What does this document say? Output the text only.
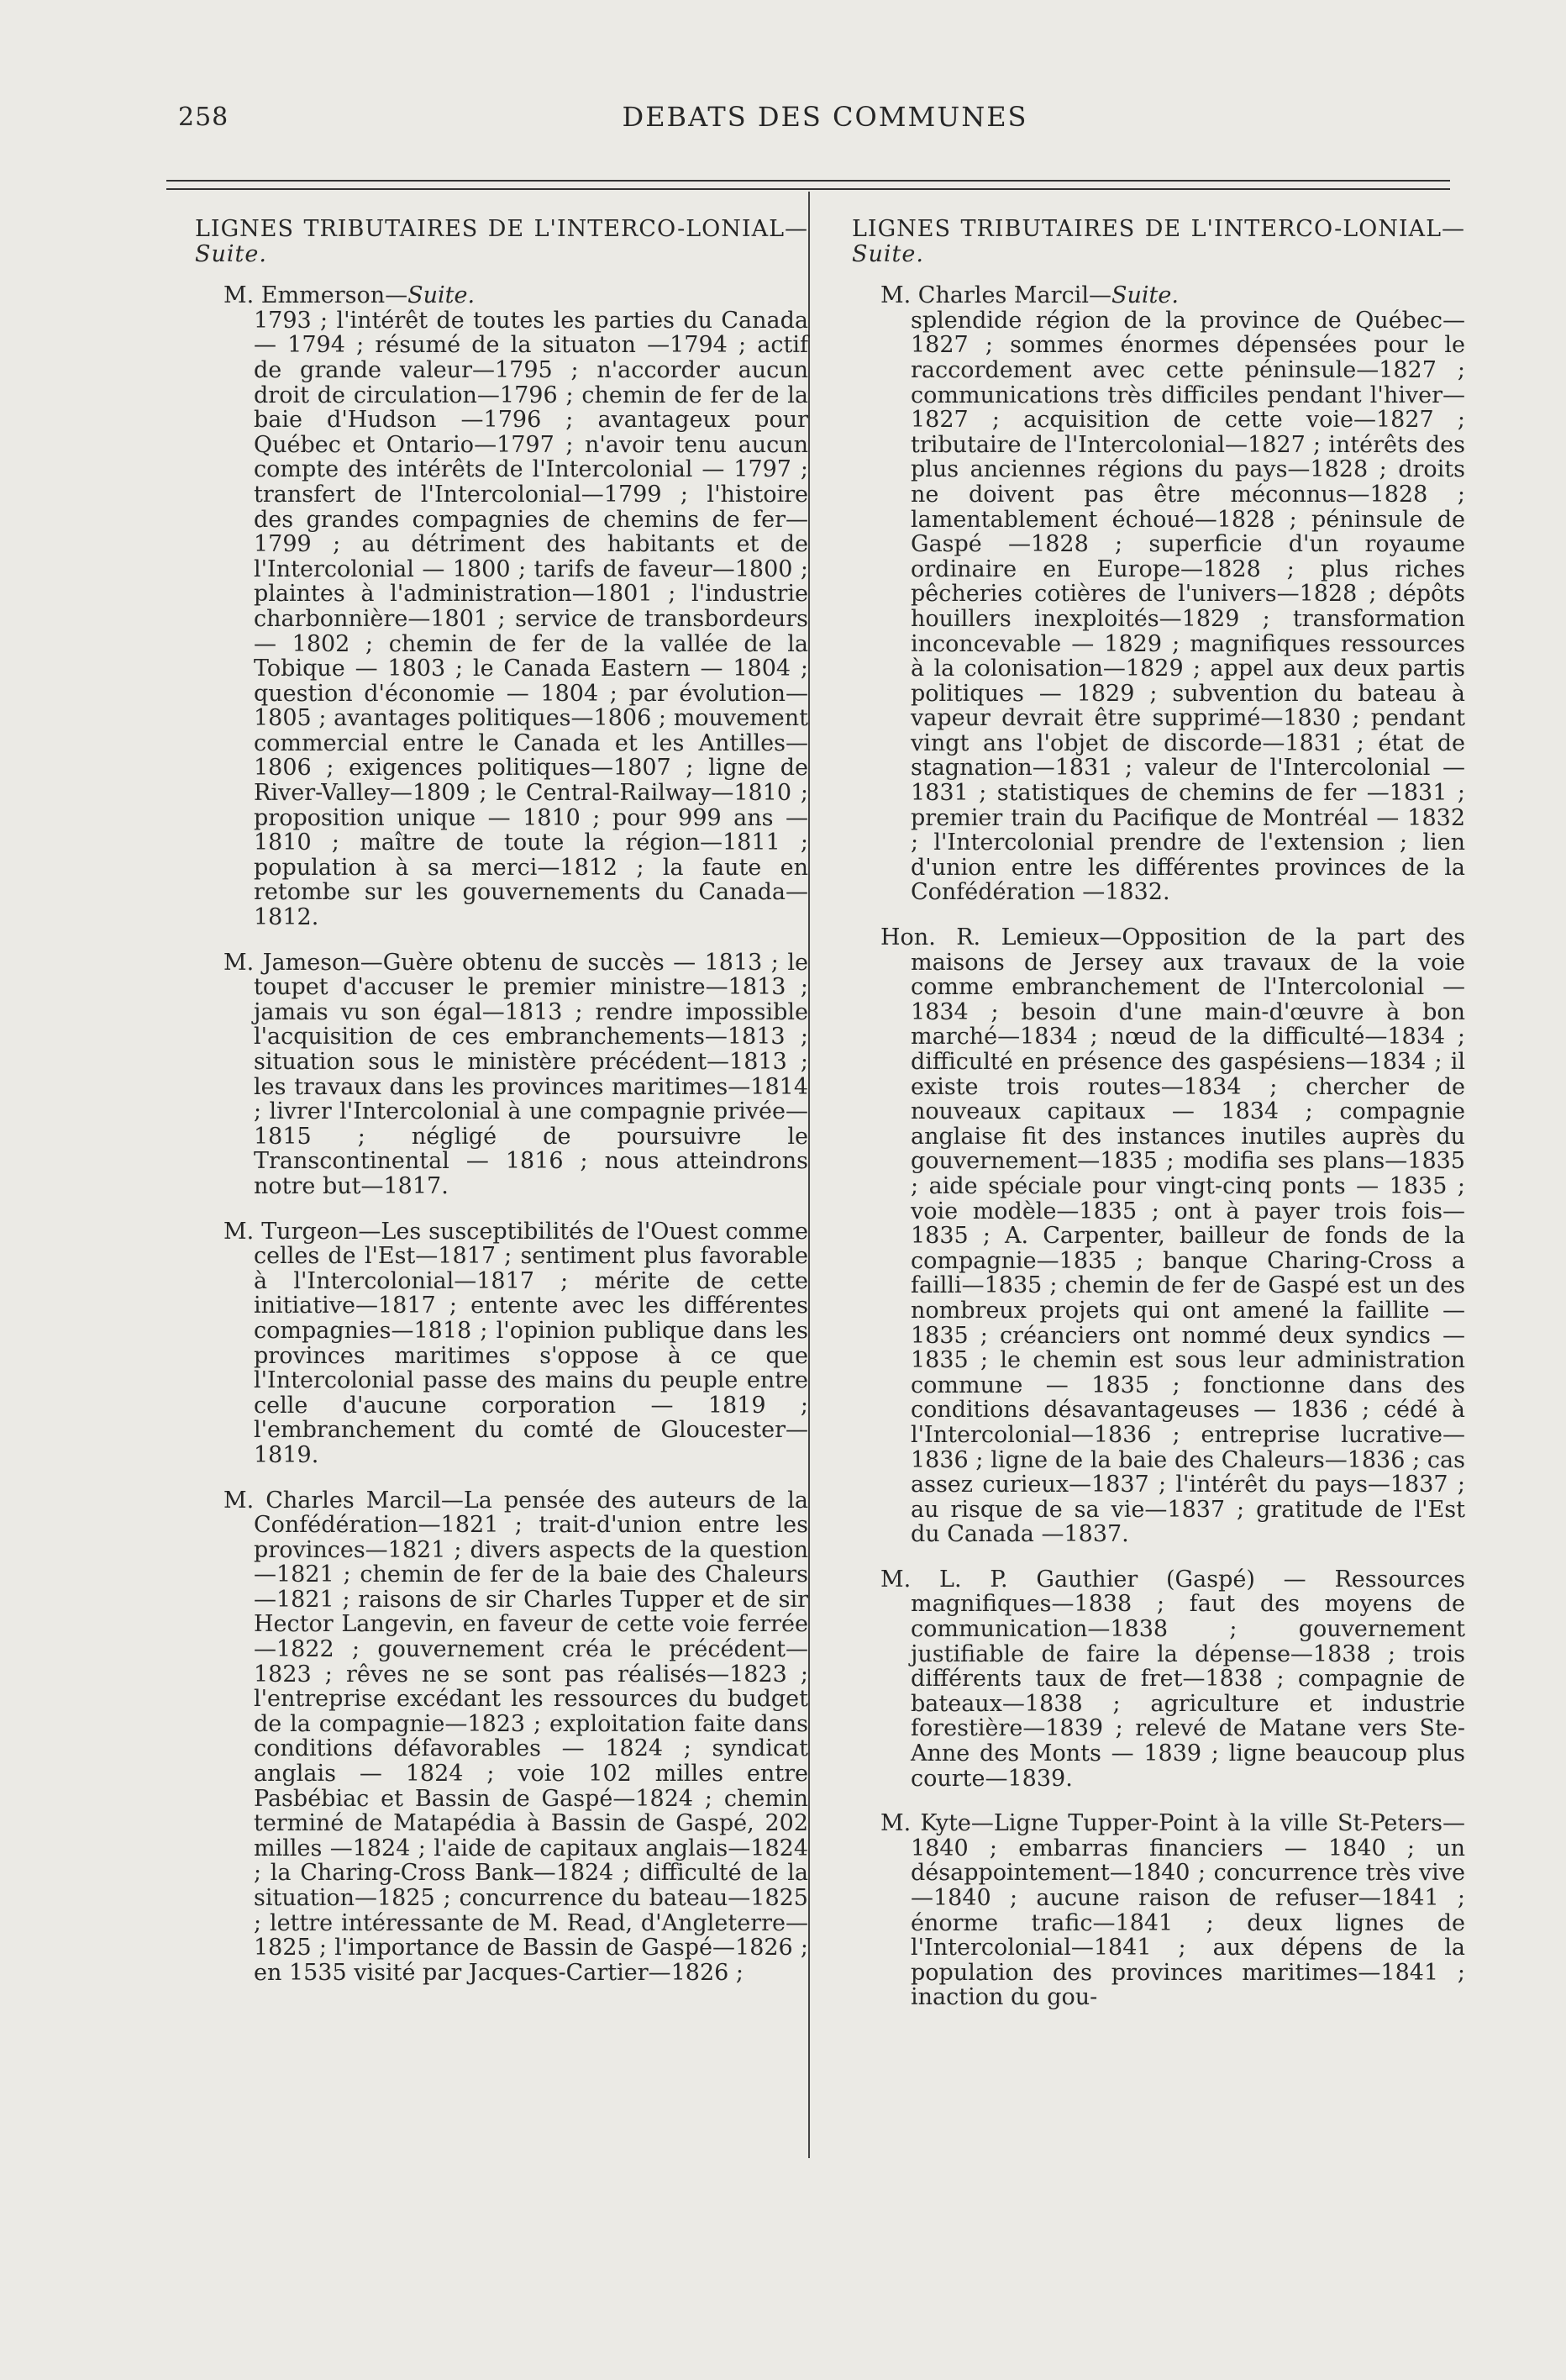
258	DEBATS DES COMMUNES
LIGNES TRIBUTAIRES DE L'INTERCO-LONIAL—Suite.
M. Emmerson—Suite.

1793 ; l'intérêt de toutes les parties du Canada — 1794 ; résumé de la situaton —1794 ; actif de grande valeur—1795 ; n'accorder aucun droit de circulation—1796 ; chemin de fer de la baie d'Hudson —1796 ; avantageux pour Québec et Ontario—1797 ; n'avoir tenu aucun compte des intérêts de l'Intercolonial — 1797 ; transfert de l'Intercolonial—1799 ; l'histoire des grandes compagnies de chemins de fer—1799 ; au détriment des habitants et de l'Intercolonial — 1800 ; tarifs de faveur—1800 ; plaintes à l'administration—1801 ; l'industrie charbonnière—1801 ; service de transbordeurs — 1802 ; chemin de fer de la vallée de la Tobique — 1803 ; le Canada Eastern — 1804 ; question d'économie — 1804 ; par évolution—1805 ; avantages politiques—1806 ; mouvement commercial entre le Canada et les Antilles—1806 ; exigences politiques—1807 ; ligne de River-Valley—1809 ; le Central-Railway—1810 ; proposition unique — 1810 ; pour 999 ans — 1810 ; maître de toute la région—1811 ; population à sa merci—1812 ; la faute en retombe sur les gouvernements du Canada—1812.

M. Jameson—Guère obtenu de succès — 1813 ; le toupet d'accuser le premier ministre—1813 ; jamais vu son égal—1813 ; rendre impossible l'acquisition de ces embranchements—1813 ; situation sous le ministère précédent—1813 ; les travaux dans les provinces maritimes—1814 ; livrer l'Intercolonial à une compagnie privée—1815 ; négligé de poursuivre le Transcontinental — 1816 ; nous atteindrons notre but—1817.

M. Turgeon—Les susceptibilités de l'Ouest comme celles de l'Est—1817 ; sentiment plus favorable à l'Intercolonial—1817 ; mérite de cette initiative—1817 ; entente avec les différentes compagnies—1818 ; l'opinion publique dans les provinces maritimes s'oppose à ce que l'Intercolonial passe des mains du peuple entre celle d'aucune corporation — 1819 ; l'embranchement du comté de Gloucester—1819.

M. Charles Marcil—La pensée des auteurs de la Confédération—1821 ; trait-d'union entre les provinces—1821 ; divers aspects de la question—1821 ; chemin de fer de la baie des Chaleurs—1821 ; raisons de sir Charles Tupper et de sir Hector Langevin, en faveur de cette voie ferrée—1822 ; gouvernement créa le précédent—1823 ; rêves ne se sont pas réalisés—1823 ; l'entreprise excédant les ressources du budget de la compagnie—1823 ; exploitation faite dans conditions défavorables — 1824 ; syndicat anglais — 1824 ; voie 102 milles entre Pasbébiac et Bassin de Gaspé—1824 ; chemin terminé de Matapédia à Bassin de Gaspé, 202 milles —1824 ; l'aide de capitaux anglais—1824 ; la Charing-Cross Bank—1824 ; difficulté de la situation—1825 ; concurrence du bateau—1825 ; lettre intéressante de M. Read, d'Angleterre—1825 ; l'importance de Bassin de Gaspé—1826 ; en 1535 visité par Jacques-Cartier—1826 ;

LIGNES TRIBUTAIRES DE L'INTERCO-LONIAL—Suite.
M. Charles Marcil—Suite.

splendide région de la province de Québec—1827 ; sommes énormes dépensées pour le raccordement avec cette péninsule—1827 ; communications très difficiles pendant l'hiver—1827 ; acquisition de cette voie—1827 ; tributaire de l'Intercolonial—1827 ; intérêts des plus anciennes régions du pays—1828 ; droits ne doivent pas être méconnus—1828 ; lamentablement échoué—1828 ; péninsule de Gaspé —1828 ; superficie d'un royaume ordinaire en Europe—1828 ; plus riches pêcheries cotières de l'univers—1828 ; dépôts houillers inexploités—1829 ; transformation inconcevable — 1829 ; magnifiques ressources à la colonisation—1829 ; appel aux deux partis politiques — 1829 ; subvention du bateau à vapeur devrait être supprimé—1830 ; pendant vingt ans l'objet de discorde—1831 ; état de stagnation—1831 ; valeur de l'Intercolonial —1831 ; statistiques de chemins de fer —1831 ; premier train du Pacifique de Montréal — 1832 ; l'Intercolonial prendre de l'extension ; lien d'union entre les différentes provinces de la Confédération —1832.

Hon. R. Lemieux—Opposition de la part des maisons de Jersey aux travaux de la voie comme embranchement de l'Intercolonial — 1834 ; besoin d'une main-d'œuvre à bon marché—1834 ; nœud de la difficulté—1834 ; difficulté en présence des gaspésiens—1834 ; il existe trois routes—1834 ; chercher de nouveaux capitaux — 1834 ; compagnie anglaise fit des instances inutiles auprès du gouvernement—1835 ; modifia ses plans—1835 ; aide spéciale pour vingt-cinq ponts — 1835 ; voie modèle—1835 ; ont à payer trois fois—1835 ; A. Carpenter, bailleur de fonds de la compagnie—1835 ; banque Charing-Cross a failli—1835 ; chemin de fer de Gaspé est un des nombreux projets qui ont amené la faillite — 1835 ; créanciers ont nommé deux syndics — 1835 ; le chemin est sous leur administration commune — 1835 ; fonctionne dans des conditions désavantageuses — 1836 ; cédé à l'Intercolonial—1836 ; entreprise lucrative—1836 ; ligne de la baie des Chaleurs—1836 ; cas assez curieux—1837 ; l'intérêt du pays—1837 ; au risque de sa vie—1837 ; gratitude de l'Est du Canada —1837.

M. L. P. Gauthier (Gaspé) — Ressources magnifiques—1838 ; faut des moyens de communication—1838 ; gouvernement justifiable de faire la dépense—1838 ; trois différents taux de fret—1838 ; compagnie de bateaux—1838 ; agriculture et industrie forestière—1839 ; relevé de Matane vers Ste-Anne des Monts — 1839 ; ligne beaucoup plus courte—1839.

M. Kyte—Ligne Tupper-Point à la ville St-Peters—1840 ; embarras financiers — 1840 ; un désappointement—1840 ; concurrence très vive—1840 ; aucune raison de refuser—1841 ; énorme trafic—1841 ; deux lignes de l'Intercolonial—1841 ; aux dépens de la population des provinces maritimes—1841 ; inaction du gou-
